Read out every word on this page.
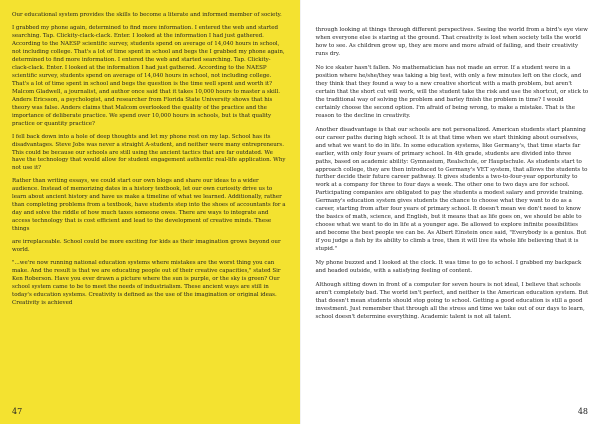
Our educational system provides the skills to become a literate and informed member of society.

I grabbed my phone again, determined to find more information. I entered the web and started searching. Tap. Clickity-clack-clack. Enter. I looked at the information I had just gathered. According to the NAESP scientific survey, students spend on average of 14,040 hours in school, not including college. That's a lot of time spent in school and begs the I grabbed my phone again, determined to find more information. I entered the web and started searching. Tap. Clickity-clack-clack. Enter. I looked at the information I had just gathered. According to the NAESP scientific survey, students spend on average of 14,040 hours in school, not including college. That's a lot of time spent in school and begs the question is the time well spent and worth it? Malcom Gladwell, a journalist, and author once said that it takes 10,000 hours to master a skill. Anders Ericsson, a psychologist, and researcher from Florida State University shows that his theory was false. Anders claims that Malcom overlooked the quality of the practice and the importance of deliberate practice. We spend over 10,000 hours in schools, but is that quality practice or quantity practice?

I fell back down into a hole of deep thoughts and let my phone rest on my lap. School has its disadvantages. Steve Jobs was never a straight A-student, and neither were many entrepreneurs. This could be because our schools are still using the ancient tactics that are far outdated. We have the technology that would allow for student engagement authentic real-life application. Why not use it?

Rather than writing essays, we could start our own blogs and share our ideas to a wider audience. Instead of memorizing dates in a history textbook, let our own curiosity drive us to learn about ancient history and have us make a timeline of what we learned. Additionally, rather than completing problems from a textbook, have students step into the shoes of accountants for a day and solve the riddle of how much taxes someone owes. There are ways to integrate and access technology that is cost efficient and lead to the development of creative minds. These things

are irreplaceable. School could be more exciting for kids as their imagination grows beyond our world.

"...we're now running national education systems where mistakes are the worst thing you can make. And the result is that we are educating people out of their creative capacities," stated Sir Ken Roberson. Have you ever drawn a picture where the sun is purple, or the sky is green? Our school system came to be to meet the needs of industrialism. These ancient ways are still in today's education systems. Creativity is defined as the use of the imagination or original ideas. Creativity is achieved

47

through looking at things through different perspectives. Seeing the world from a bird's eye view when everyone else is staring at the ground. That creativity is lost when society tells the world how to see. As children grow up, they are more and more afraid of failing, and their creativity runs dry.

No ice skater hasn't fallen. No mathematician has not made an error. If a student were in a position where he/she/they was taking a big test, with only a few minutes left on the clock, and they think that they found a way to a new creative shortcut with a math problem, but aren't certain that the short cut will work, will the student take the risk and use the shortcut, or stick to the traditional way of solving the problem and barley finish the problem in time? I would certainly choose the second option. I'm afraid of being wrong, to make a mistake. That is the reason to the decline in creativity.

Another disadvantage is that our schools are not personalized. American students start planning our career paths during high school. It is at that time when we start thinking about ourselves, and what we want to do in life. In some education systems, like Germany's, that time starts far earlier, with only four years of primary school. In 4th grade, students are divided into three paths, based on academic ability: Gymnasium, Realschule, or Hauptschule. As students start to approach college, they are then introduced to Germany's VET system, that allows the students to further decide their future career pathway. It gives students a two-to-four-year opportunity to work at a company for three to four days a week. The other one to two days are for school. Participating companies are obligated to pay the students a modest salary and provide training. Germany's education system gives students the chance to choose what they want to do as a career, starting from after four years of primary school. It doesn't mean we don't need to know the basics of math, science, and English, but it means that as life goes on, we should be able to choose what we want to do in life at a younger age. Be allowed to explore infinite possibilities and become the best people we can be. As Albert Einstein once said, "Everybody is a genius. But if you judge a fish by its ability to climb a tree, then it will live its whole life believing that it is stupid."

My phone buzzed and I looked at the clock. It was time to go to school. I grabbed my backpack and headed outside, with a satisfying feeling of content.

Although sitting down in front of a computer for seven hours is not ideal, I believe that schools aren't completely bad. The world isn't perfect, and neither is the American education system. But that doesn't mean students should stop going to school. Getting a good education is still a good investment. Just remember that through all the stress and time we take out of our days to learn, school doesn't determine everything. Academic talent is not all talent.

48
